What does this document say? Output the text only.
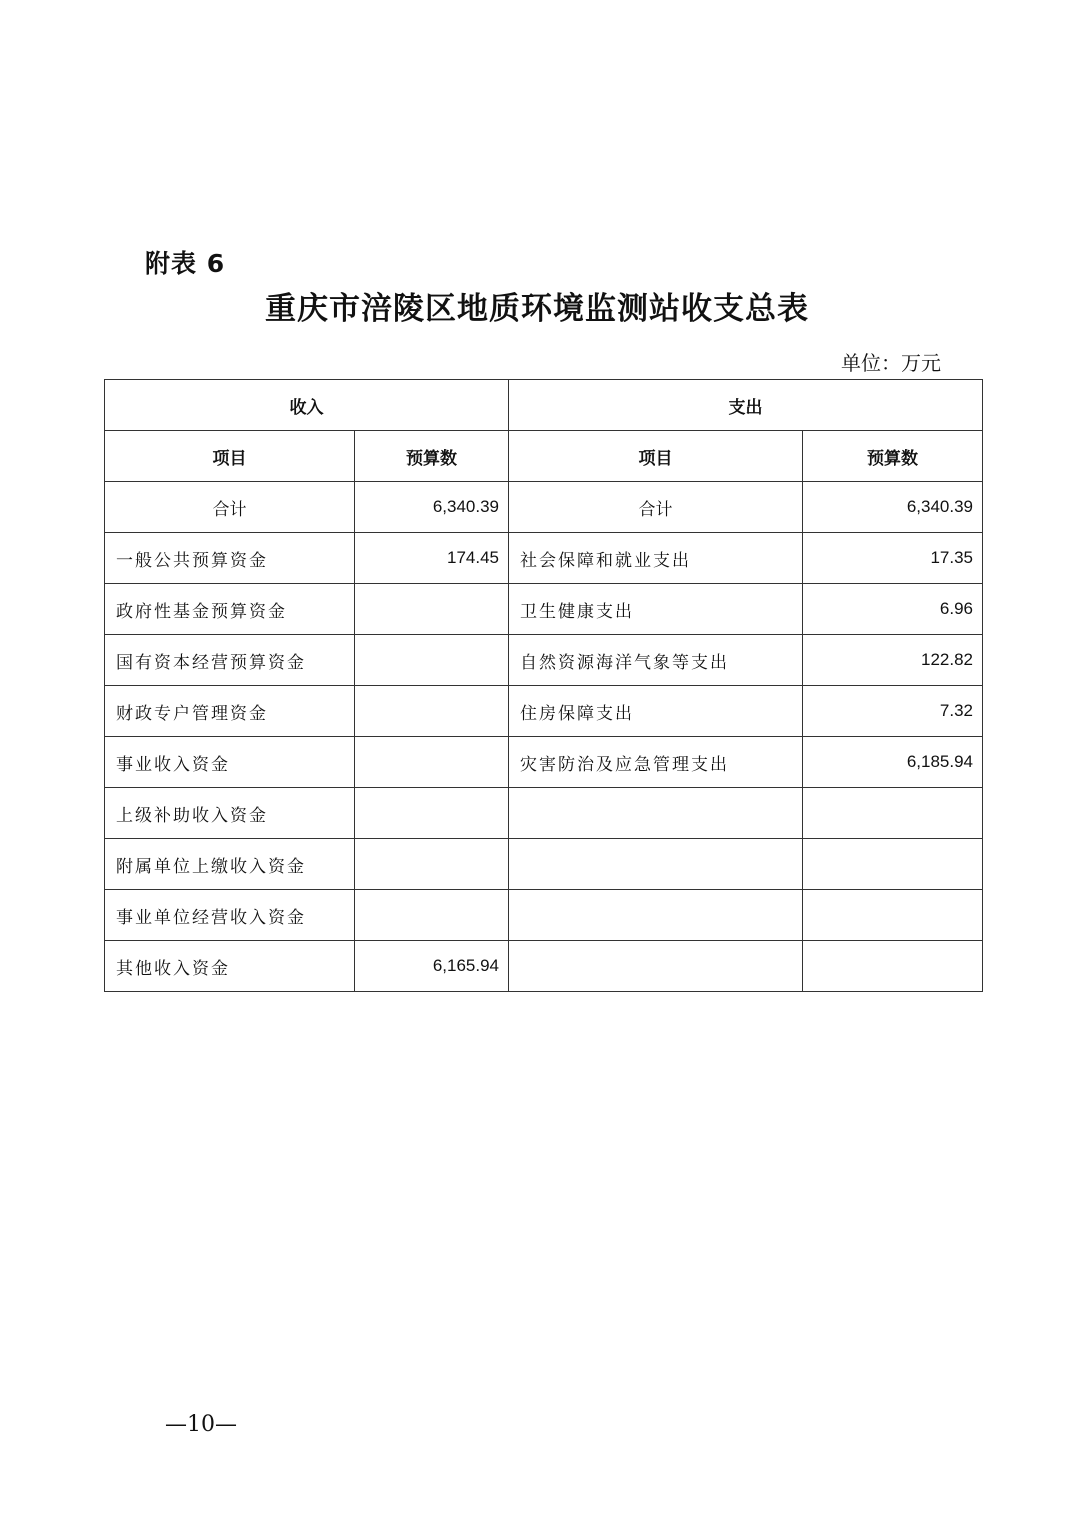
附表 6
重庆市涪陵区地质环境监测站收支总表
单位：万元
收入		支出	
项目	预算数	项目	预算数
合计	6,340.39	合计	6,340.39
一般公共预算资金	174.45	社会保障和就业支出	17.35
政府性基金预算资金		卫生健康支出	6.96
国有资本经营预算资金		自然资源海洋气象等支出	122.82
财政专户管理资金		住房保障支出	7.32
事业收入资金		灾害防治及应急管理支出	6,185.94
上级补助收入资金			
附属单位上缴收入资金			
事业单位经营收入资金			
其他收入资金	6,165.94		
—10—
